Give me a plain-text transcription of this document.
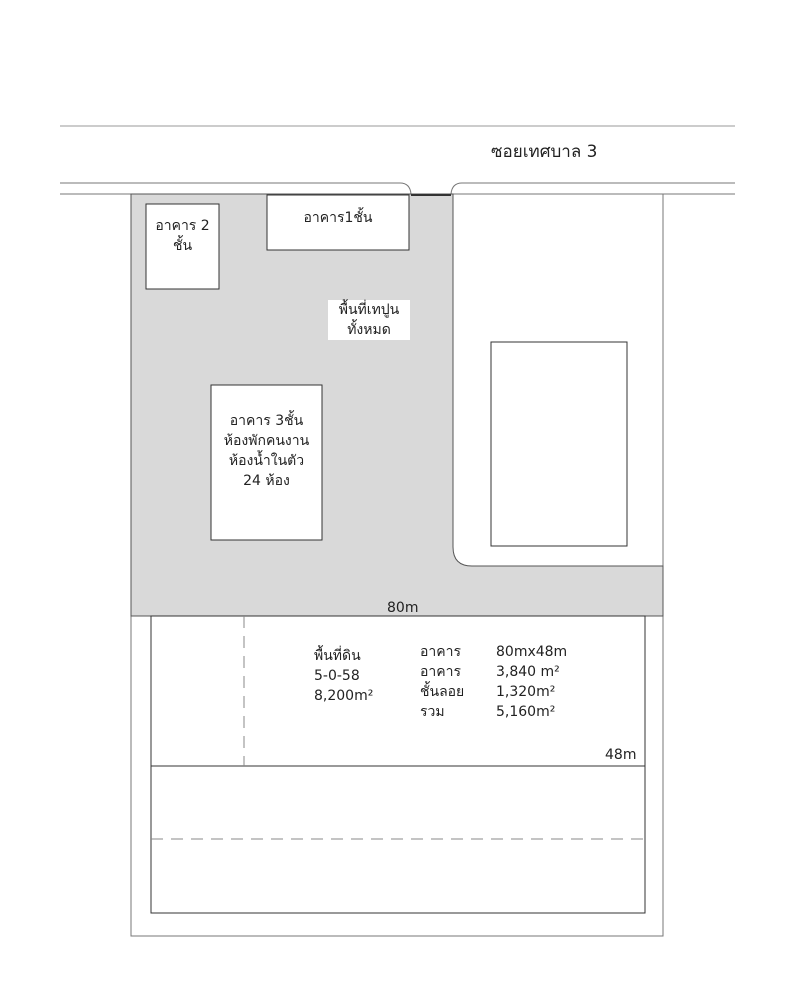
ซอยเทศบาล 3
อาคาร 2
ชั้น
อาคาร1ชั้น
พื้นที่เทปูน
ทั้งหมด
อาคาร 3ชั้น
ห้องพักคนงาน
ห้องน้ำในตัว
24 ห้อง
80m
พื้นที่ดิน
5-0-58
8,200m²
อาคาร	80mx48m
อาคาร	3,840 m²
ชั้นลอย	1,320m²
รวม	5,160m²
48m
